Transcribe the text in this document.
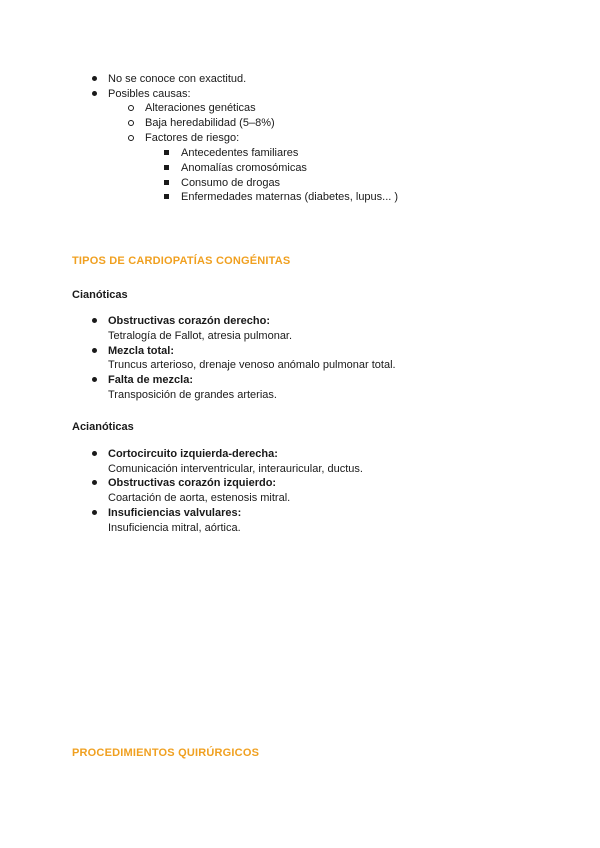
No se conoce con exactitud.
Posibles causas:
Alteraciones genéticas
Baja heredabilidad (5–8%)
Factores de riesgo:
Antecedentes familiares
Anomalías cromosómicas
Consumo de drogas
Enfermedades maternas (diabetes, lupus... )
TIPOS DE CARDIOPATÍAS CONGÉNITAS
Cianóticas
Obstructivas corazón derecho:
Tetralogía de Fallot, atresia pulmonar.
Mezcla total:
Truncus arterioso, drenaje venoso anómalo pulmonar total.
Falta de mezcla:
Transposición de grandes arterias.
Acianóticas
Cortocircuito izquierda-derecha:
Comunicación interventricular, interauricular, ductus.
Obstructivas corazón izquierdo:
Coartación de aorta, estenosis mitral.
Insuficiencias valvulares:
Insuficiencia mitral, aórtica.
PROCEDIMIENTOS QUIRÚRGICOS
